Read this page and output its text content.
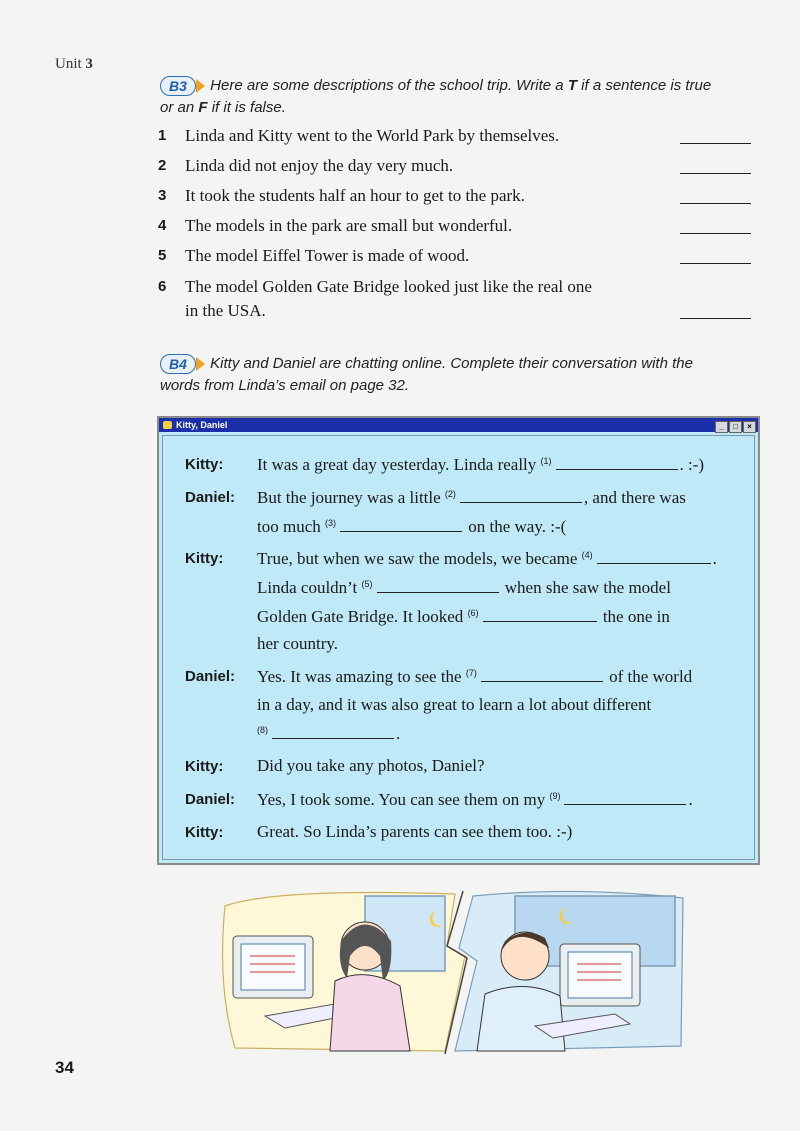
Unit 3
B3	Here are some descriptions of the school trip. Write a T if a sentence is true
or an F if it is false.
1 Linda and Kitty went to the World Park by themselves.
2 Linda did not enjoy the day very much.
3 It took the students half an hour to get to the park.
4 The models in the park are small but wonderful.
5 The model Eiffel Tower is made of wood.
6 The model Golden Gate Bridge looked just like the real one
in the USA.
B4	Kitty and Daniel are chatting online. Complete their conversation with the
words from Linda’s email on page 32.
Kitty, Daniel	_ □ ×
Kitty: It was a great day yesterday. Linda really $^{(1)}$	. :-)
Daniel: But the journey was a little $^{(2)}$	, and there was
too much $^{(3)}$	on the way. :-(
Kitty: True, but when we saw the models, we became $^{(4)}$	.
Linda couldn’t $^{(5)}$	when she saw the model
Golden Gate Bridge. It looked $^{(6)}$	the one in
her country.
Daniel: Yes. It was amazing to see the $^{(7)}$	of the world
in a day, and it was also great to learn a lot about different
$^{(8)}$	.
Kitty: Did you take any photos, Daniel?
Daniel: Yes, I took some. You can see them on my $^{(9)}$	.
Kitty: Great. So Linda’s parents can see them too. :-)
34
